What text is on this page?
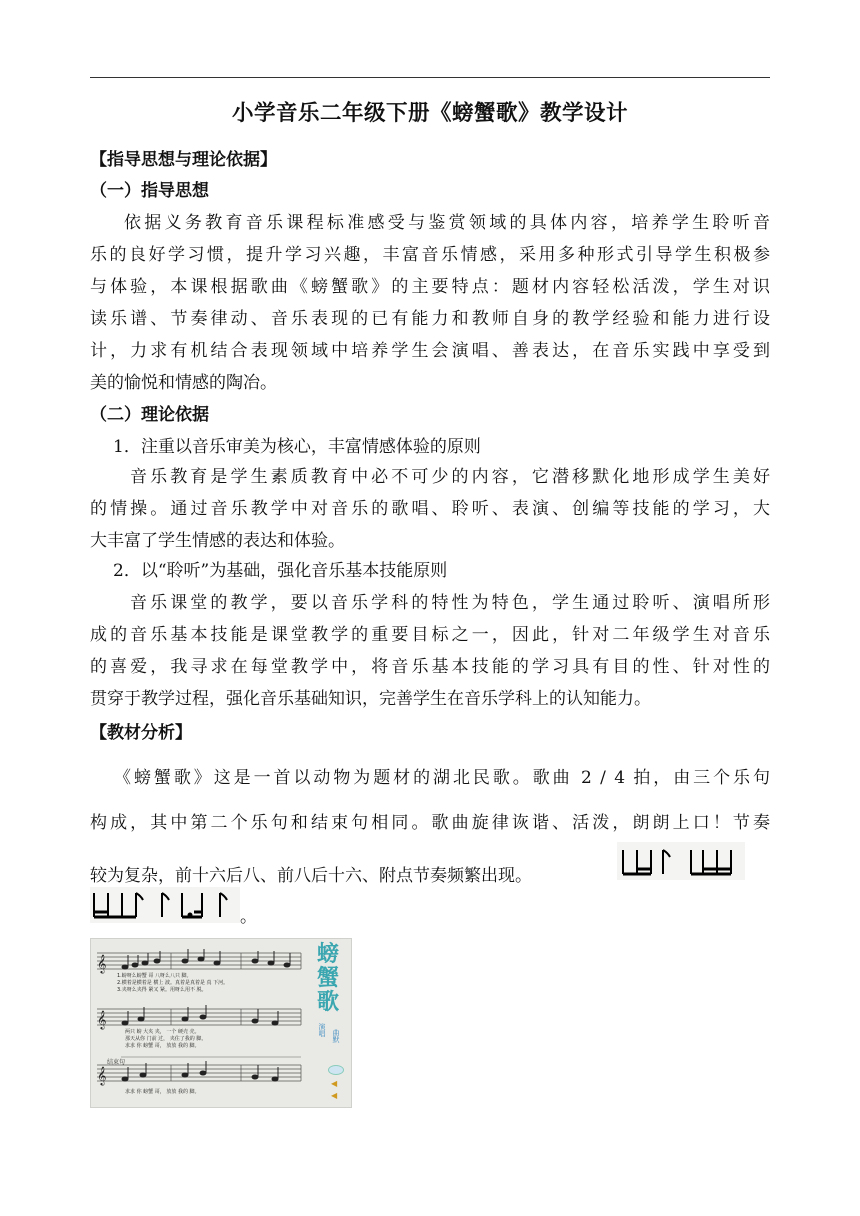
小学音乐二年级下册《螃蟹歌》教学设计
【指导思想与理论依据】
（一）指导思想
依据义务教育音乐课程标准感受与鉴赏领域的具体内容，培养学生聆听音
乐的良好学习惯，提升学习兴趣，丰富音乐情感，采用多种形式引导学生积极参
与体验，本课根据歌曲《螃蟹歌》的主要特点：题材内容轻松活泼，学生对识
读乐谱、节奏律动、音乐表现的已有能力和教师自身的教学经验和能力进行设
计，力求有机结合表现领域中培养学生会演唱、善表达，在音乐实践中享受到
美的愉悦和情感的陶冶。
（二）理论依据
1．注重以音乐审美为核心，丰富情感体验的原则
音乐教育是学生素质教育中必不可少的内容，它潜移默化地形成学生美好
的情操。通过音乐教学中对音乐的歌唱、聆听、表演、创编等技能的学习，大
大丰富了学生情感的表达和体验。
2．以“聆听”为基础，强化音乐基本技能原则
音乐课堂的教学，要以音乐学科的特性为特色，学生通过聆听、演唱所形
成的音乐基本技能是课堂教学的重要目标之一，因此，针对二年级学生对音乐
的喜爱，我寻求在每堂教学中，将音乐基本技能的学习具有目的性、针对性的
贯穿于教学过程，强化音乐基础知识，完善学生在音乐学科上的认知能力。
【教材分析】
《螃蟹歌》这是一首以动物为题材的湖北民歌。歌曲 2 / 4 拍，由三个乐句
构成，其中第二个乐句和结束句相同。歌曲旋律诙谐、活泼，朗朗上口！节奏
较为复杂，前十六后八、前八后十六、附点节奏频繁出现。
。
𝄞
𝄞
𝄞
结束句
1.螃呀么螃蟹 哥 八呀么八只 脚。
2.横着是横着是 横上 波。真着是真着是 真 下河。
3.夹呀么夹得 紧又 紧。用呀么用不 脱。
两只 螃 大夹 夹， 一个 硬壳 壳。
那天从你 门前 过， 夹住了我的 脚。
求求 你 螃蟹 哥， 放放 我的 脚。
求求 你 螃蟹 哥， 放放 我的 脚。
螃
蟹
歌
演唱 曲默
◀
◀
